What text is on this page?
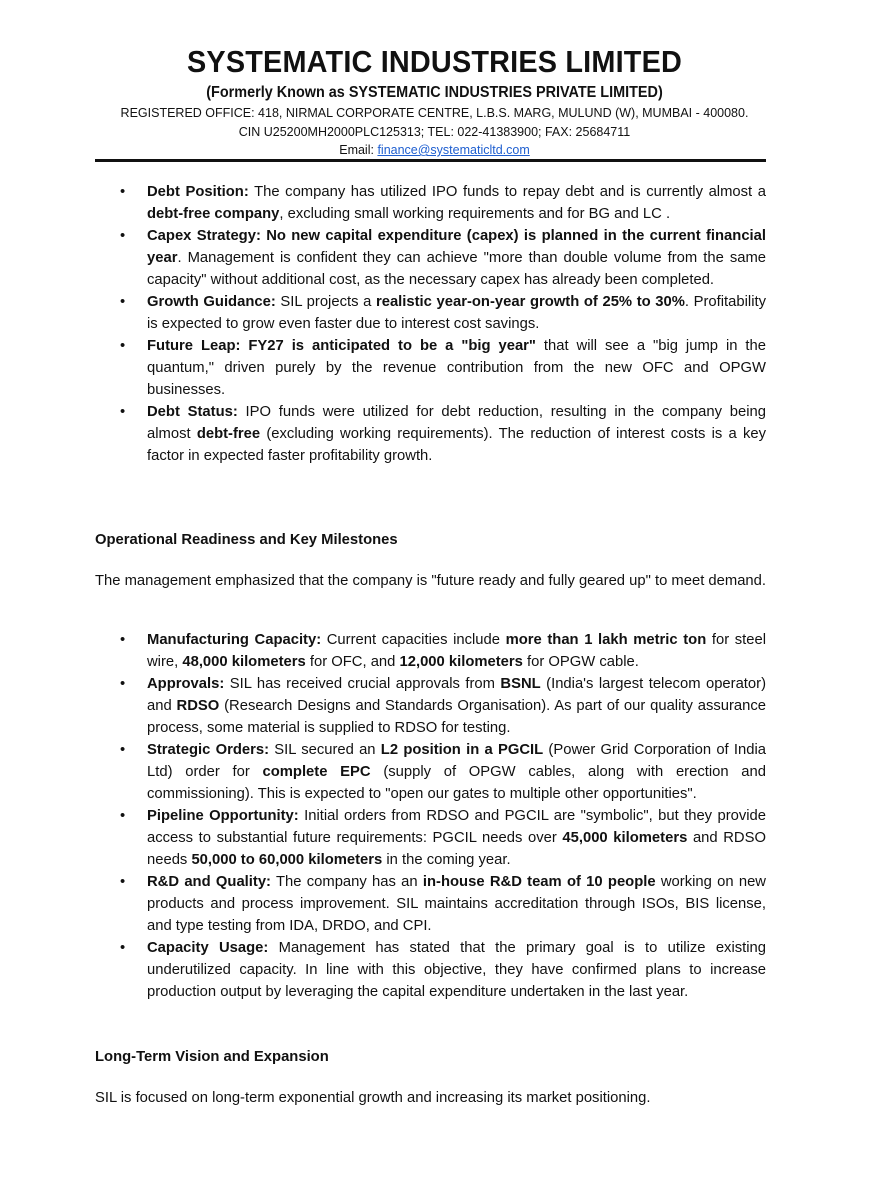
SYSTEMATIC INDUSTRIES LIMITED
(Formerly Known as SYSTEMATIC INDUSTRIES PRIVATE LIMITED)
REGISTERED OFFICE: 418, NIRMAL CORPORATE CENTRE, L.B.S. MARG, MULUND (W), MUMBAI - 400080.
CIN U25200MH2000PLC125313; TEL: 022-41383900; FAX: 25684711
Email: finance@systematicltd.com
• Debt Position: The company has utilized IPO funds to repay debt and is currently almost a debt-free company, excluding small working requirements and for BG and LC .
• Capex Strategy: No new capital expenditure (capex) is planned in the current financial year. Management is confident they can achieve "more than double volume from the same capacity" without additional cost, as the necessary capex has already been completed.
• Growth Guidance: SIL projects a realistic year-on-year growth of 25% to 30%. Profitability is expected to grow even faster due to interest cost savings.
• Future Leap: FY27 is anticipated to be a "big year" that will see a "big jump in the quantum," driven purely by the revenue contribution from the new OFC and OPGW businesses.
• Debt Status: IPO funds were utilized for debt reduction, resulting in the company being almost debt-free (excluding working requirements). The reduction of interest costs is a key factor in expected faster profitability growth.
Operational Readiness and Key Milestones

The management emphasized that the company is "future ready and fully geared up" to meet demand.

• Manufacturing Capacity: Current capacities include more than 1 lakh metric ton for steel wire, 48,000 kilometers for OFC, and 12,000 kilometers for OPGW cable.
• Approvals: SIL has received crucial approvals from BSNL (India's largest telecom operator) and RDSO (Research Designs and Standards Organisation). As part of our quality assurance process, some material is supplied to RDSO for testing.
• Strategic Orders: SIL secured an L2 position in a PGCIL (Power Grid Corporation of India Ltd) order for complete EPC (supply of OPGW cables, along with erection and commissioning). This is expected to "open our gates to multiple other opportunities".
• Pipeline Opportunity: Initial orders from RDSO and PGCIL are "symbolic", but they provide access to substantial future requirements: PGCIL needs over 45,000 kilometers and RDSO needs 50,000 to 60,000 kilometers in the coming year.
• R&D and Quality: The company has an in-house R&D team of 10 people working on new products and process improvement. SIL maintains accreditation through ISOs, BIS license, and type testing from IDA, DRDO, and CPI.
• Capacity Usage: Management has stated that the primary goal is to utilize existing underutilized capacity. In line with this objective, they have confirmed plans to increase production output by leveraging the capital expenditure undertaken in the last year.
Long-Term Vision and Expansion

SIL is focused on long-term exponential growth and increasing its market positioning.
